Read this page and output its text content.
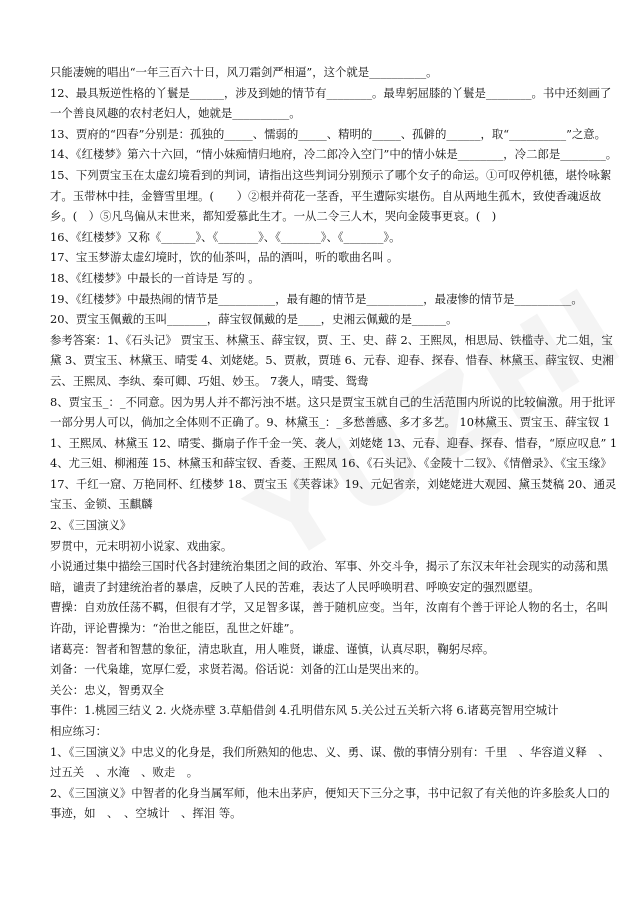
只能凄婉的唱出“一年三百六十日，风刀霜剑严相逼”，这个就是__________。

12、最具叛逆性格的丫鬟是______，涉及到她的情节有________。最卑躬屈膝的丫鬟是________。书中还刻画了一个善良风趣的农村老妇人，她就是__________。

13、贾府的“四春”分别是：孤独的_____、懦弱的_____、精明的_____、孤僻的______，取“__________”之意。

14、《红楼梦》第六十六回，“情小妹痴情归地府，冷二郎冷入空门”中的情小妹是________，冷二郎是________。

15、下列贾宝玉在太虚幻境看到的判词，请指出这些判词分别预示了哪个女子的命运。①可叹停机德，堪怜咏絮才。玉带林中挂，金簪雪里埋。(　　）②根并荷花一茎香，平生遭际实堪伤。自从两地生孤木，致使香魂返故乡。(　）⑤凡鸟偏从末世来，都知爱慕此生才。一从二令三人木，哭向金陵事更哀。(　)

16、《红楼梦》又称《______》、《_______》、《_______》、《_______》。

17、宝玉梦游太虚幻境时，饮的仙茶叫，品的酒叫，听的歌曲名叫 。

18、《红楼梦》中最长的一首诗是 写的 。

19、《红楼梦》中最热闹的情节是__________，最有趣的情节是__________，最凄惨的情节是__________。

20、贾宝玉佩戴的玉叫_______，薛宝钗佩戴的是____，史湘云佩戴的是______。

参考答案：1、《石头记》 贾宝玉、林黛玉、薛宝钗，贾、王、史、薛 2、王熙凤，相思局、铁槛寺、尤二姐，宝黛 3、贾宝玉、林黛玉、晴雯 4、刘姥姥。5、贾赦，贾琏 6、元春、迎春、探春、惜春、林黛玉、薛宝钗、史湘云、王熙凤、李纨、秦可卿、巧姐、妙玉。 7袭人，晴雯、鸳鸯

8、贾宝玉_：_不同意。因为男人并不都污浊不堪。这只是贾宝玉就自己的生活范围内所说的比较偏激。用于批评一部分男人可以，倘加之全体则不正确了。9、林黛玉_：_多愁善感、多才多艺。 10林黛玉、贾宝玉、薛宝钗 11、王熙凤、林黛玉 12、晴雯、撕扇子作千金一笑、袭人，刘姥姥 13、元春、迎春、探春、惜春，“原应叹息” 14、尤三姐、柳湘莲 15、林黛玉和薛宝钗、香菱、王熙凤 16、《石头记》、《金陵十二钗》、《情僧录》、《宝玉缘》17、千红一窟、万艳同杯、红楼梦 18、贾宝玉《芙蓉诔》19、元妃省亲，刘姥姥进大观园、黛玉焚稿 20、通灵宝玉、金锁、玉麒麟

2、《三国演义》

罗贯中，元末明初小说家、戏曲家。

小说通过集中描绘三国时代各封建统治集团之间的政治、军事、外交斗争，揭示了东汉末年社会现实的动荡和黑暗，谴责了封建统治者的暴虐，反映了人民的苦难，表达了人民呼唤明君、呼唤安定的强烈愿望。

曹操：自劝放任荡不羁，但很有才学，又足智多谋，善于随机应变。当年，汝南有个善于评论人物的名士，名叫许劭，评论曹操为：“治世之能臣，乱世之奸雄”。

诸葛亮：智者和智慧的象征，清忠耿直，用人唯贤，谦虚、谨慎，认真尽职，鞠躬尽瘁。

刘备：一代枭雄，宽厚仁爱，求贤若渴。俗话说：刘备的江山是哭出来的。

关公：忠义，智勇双全

事件：1.桃园三结义 2. 火烧赤壁 3.草船借剑 4.孔明借东风 5.关公过五关斩六将 6.诸葛亮智用空城计

相应练习：

1、《三国演义》中忠义的化身是，我们所熟知的他忠、义、勇、谋、傲的事情分别有：千里　、华容道义释　、过五关　、水淹　、败走　。

2、《三国演义》中智者的化身当属军师，他未出茅庐，便知天下三分之事，书中记叙了有关他的许多脍炙人口的事迹，如　、　、空城计　、挥泪 等。
